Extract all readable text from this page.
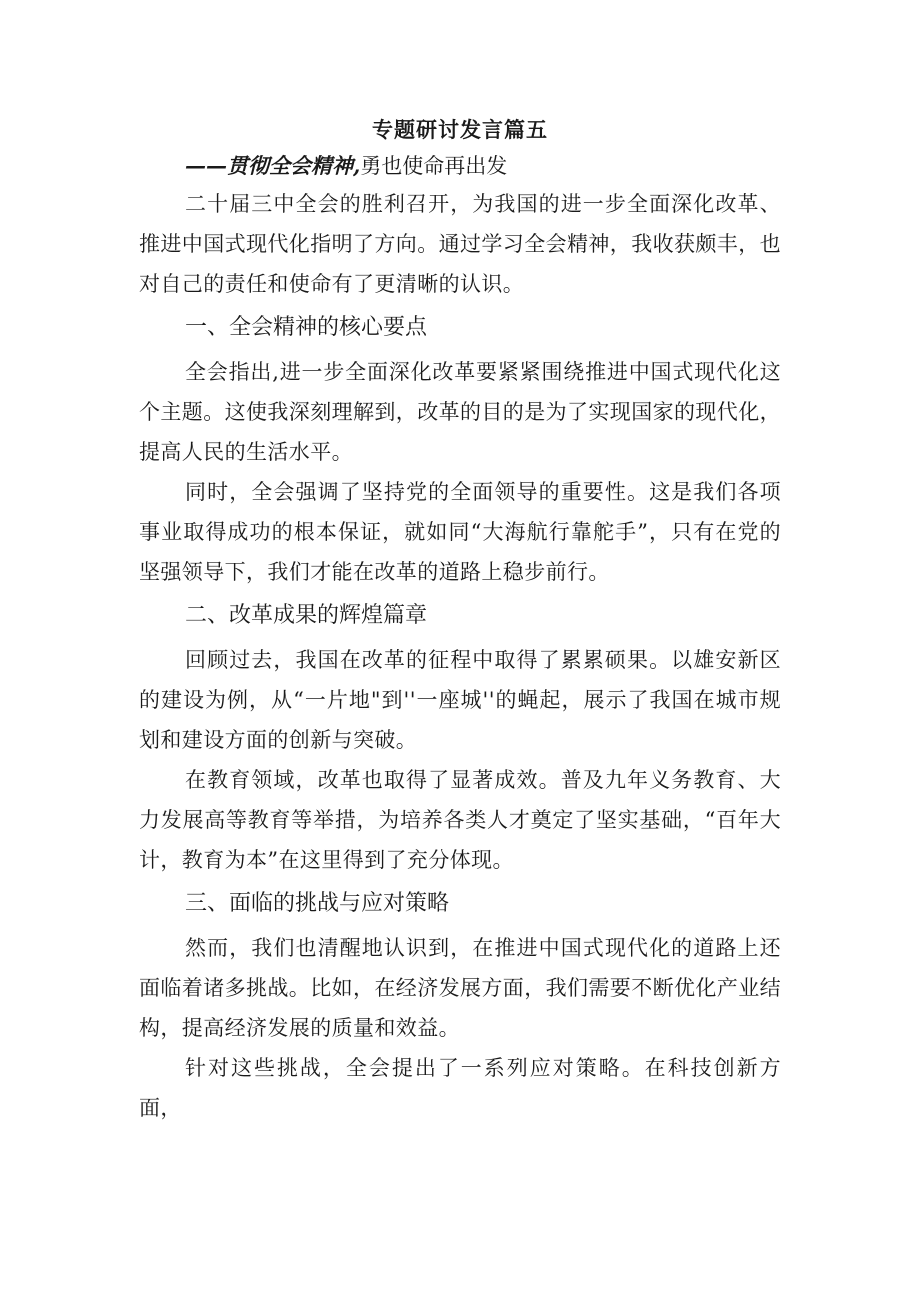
专题研讨发言篇五

——贯彻全会精神,勇也使命再出发

二十届三中全会的胜利召开，为我国的进一步全面深化改革、推进中国式现代化指明了方向。通过学习全会精神，我收获颇丰，也对自己的责任和使命有了更清晰的认识。

一、全会精神的核心要点

全会指出,进一步全面深化改革要紧紧围绕推进中国式现代化这个主题。这使我深刻理解到，改革的目的是为了实现国家的现代化，提高人民的生活水平。

同时，全会强调了坚持党的全面领导的重要性。这是我们各项事业取得成功的根本保证，就如同“大海航行靠舵手”，只有在党的坚强领导下，我们才能在改革的道路上稳步前行。

二、改革成果的辉煌篇章

回顾过去，我国在改革的征程中取得了累累硕果。以雄安新区的建设为例，从“一片地"到''一座城''的蝇起，展示了我国在城市规划和建设方面的创新与突破。

在教育领域，改革也取得了显著成效。普及九年义务教育、大力发展高等教育等举措，为培养各类人才奠定了坚实基础，“百年大计，教育为本”在这里得到了充分体现。

三、面临的挑战与应对策略

然而，我们也清醒地认识到，在推进中国式现代化的道路上还面临着诸多挑战。比如，在经济发展方面，我们需要不断优化产业结构，提高经济发展的质量和效益。

针对这些挑战，全会提出了一系列应对策略。在科技创新方面，
